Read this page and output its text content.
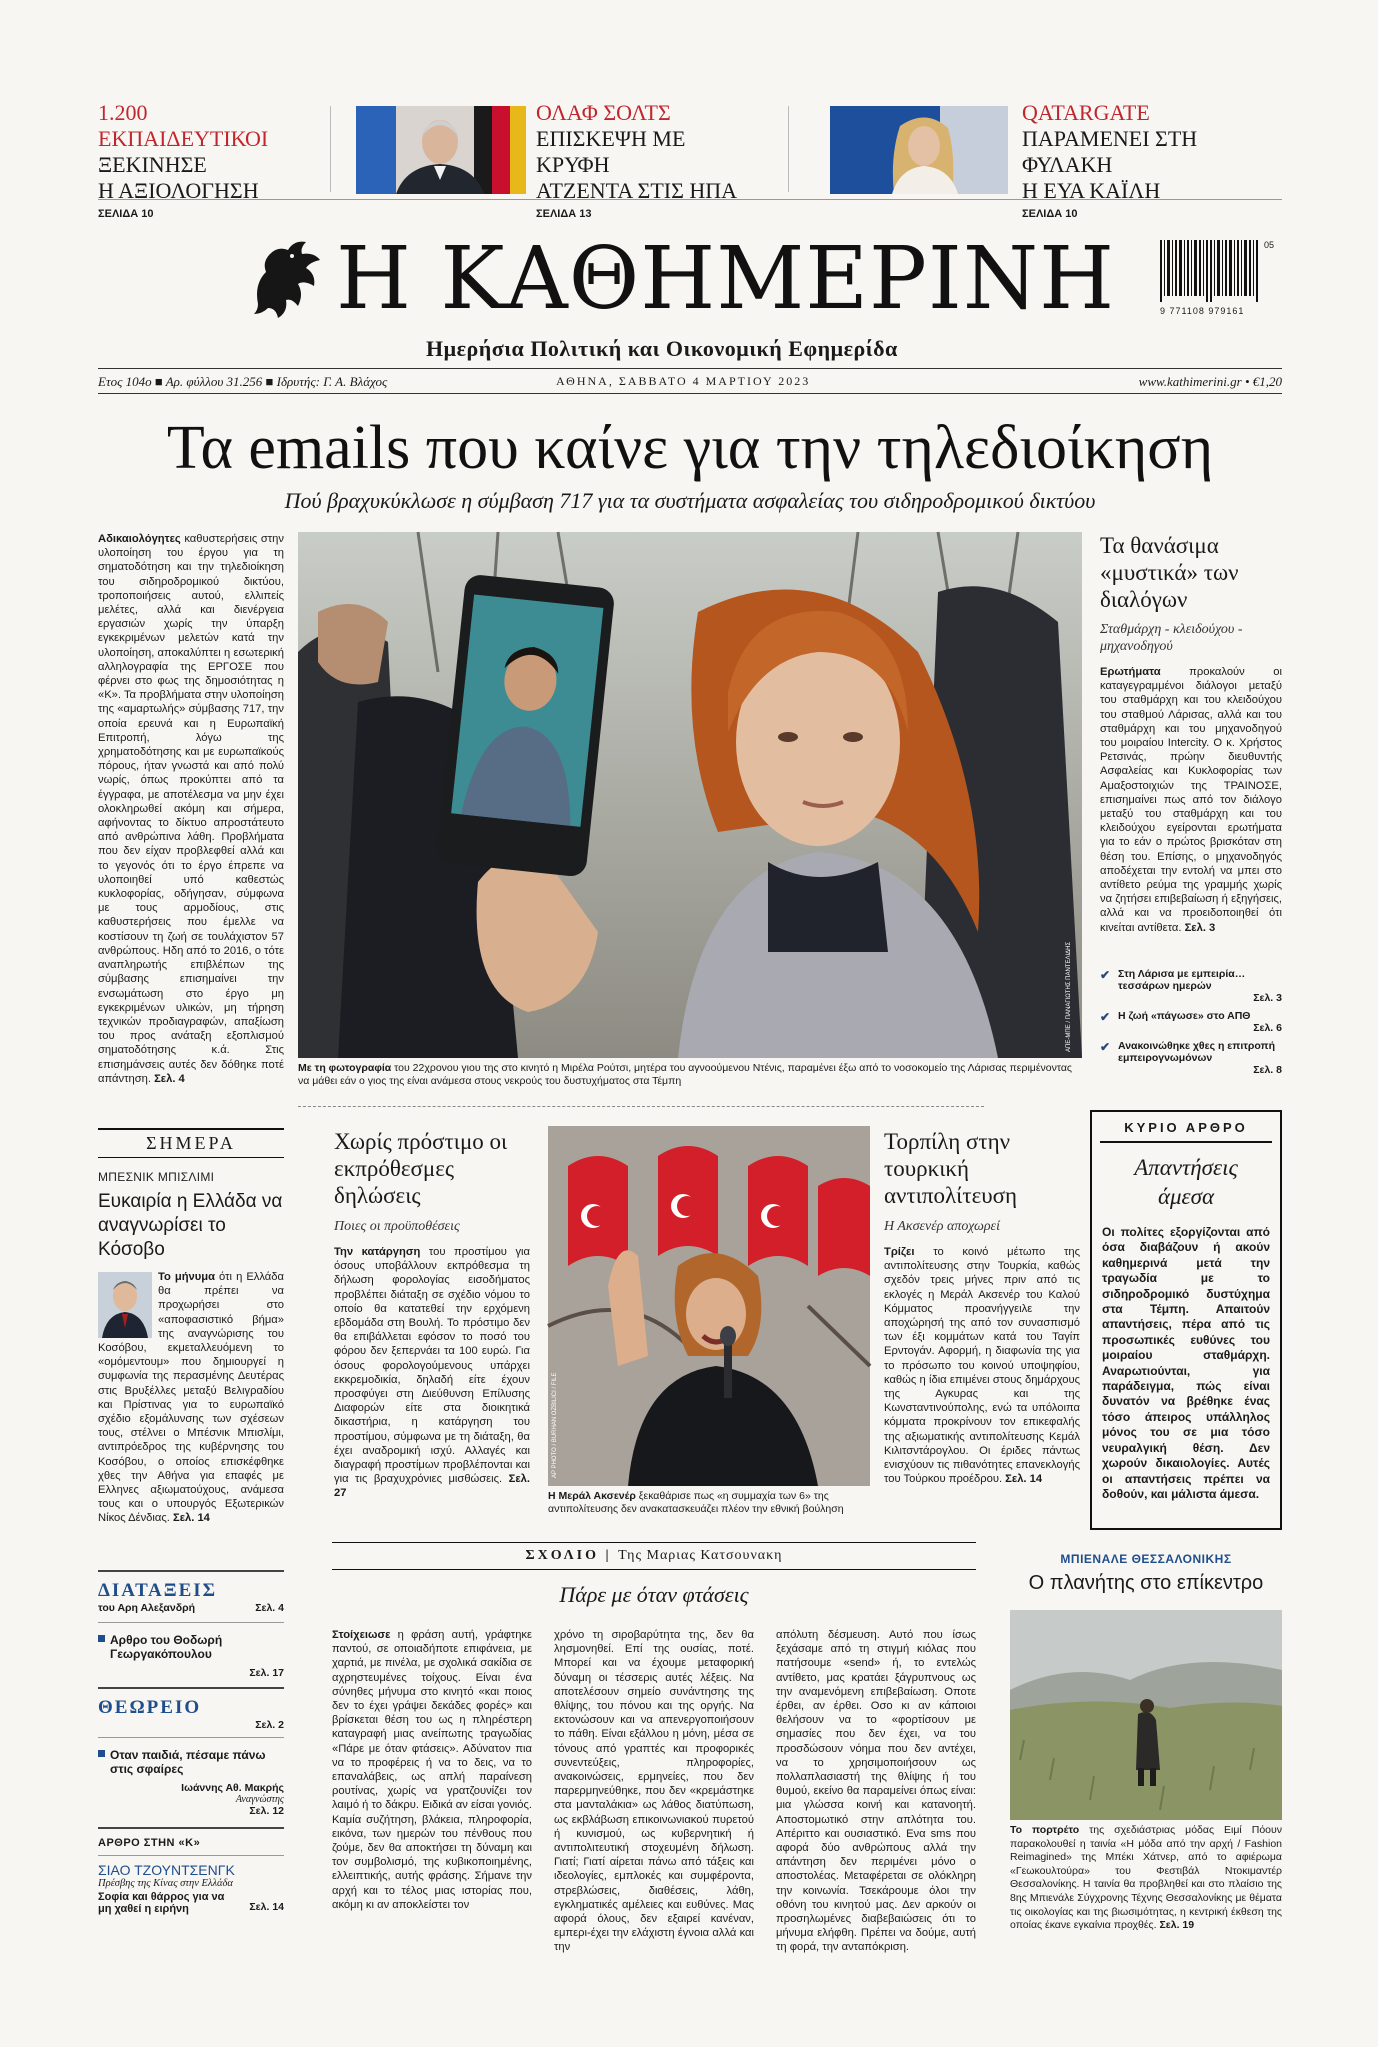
1.200 ΕΚΠΑΙΔΕΥΤΙΚΟΙ
ΞΕΚΙΝΗΣΕ
Η ΑΞΙΟΛΟΓΗΣΗ
ΣΕΛΙΔΑ 10
ΟΛΑΦ ΣΟΛΤΣ
ΕΠΙΣΚΕΨΗ ΜΕ ΚΡΥΦΗ
ΑΤΖΕΝΤΑ ΣΤΙΣ ΗΠΑ
ΣΕΛΙΔΑ 13
QATARGATE
ΠΑΡΑΜΕΝΕΙ ΣΤΗ ΦΥΛΑΚΗ
Η ΕΥΑ ΚΑΪΛΗ
ΣΕΛΙΔΑ 10
Η ΚΑΘΗΜΕΡΙΝΗ
Ημερήσια Πολιτική και Οικονομική Εφημερίδα
05
9 771108 979161
Ετος 104ο ■ Αρ. φύλλου 31.256 ■ Ιδρυτής: Γ. Α. Βλάχος	ΑΘΗΝΑ, ΣΑΒΒΑΤΟ 4 ΜΑΡΤΙΟΥ 2023	www.kathimerini.gr • €1,20
Τα emails που καίνε για την τηλεδιοίκηση
Πού βραχυκύκλωσε η σύμβαση 717 για τα συστήματα ασφαλείας του σιδηροδρομικού δικτύου
Αδικαιολόγητες καθυστερήσεις στην υλοποίηση του έργου για τη σηματοδότηση και την τηλεδιοίκηση του σιδηροδρομικού δικτύου, τροποποιήσεις αυτού, ελλιπείς μελέτες, αλλά και διενέργεια εργασιών χωρίς την ύπαρξη εγκεκριμένων μελετών κατά την υλοποίηση, αποκαλύπτει η εσωτερική αλληλογραφία της ΕΡΓΟΣΕ που φέρνει στο φως της δημοσιότητας η «Κ». Τα προβλήματα στην υλοποίηση της «αμαρτωλής» σύμβασης 717, την οποία ερευνά και η Ευρωπαϊκή Επιτροπή, λόγω της χρηματοδότησης και με ευρωπαϊκούς πόρους, ήταν γνωστά και από πολύ νωρίς, όπως προκύπτει από τα έγγραφα, με αποτέλεσμα να μην έχει ολοκληρωθεί ακόμη και σήμερα, αφήνοντας το δίκτυο απροστάτευτο από ανθρώπινα λάθη. Προβλήματα που δεν είχαν προβλεφθεί αλλά και το γεγονός ότι το έργο έπρεπε να υλοποιηθεί υπό καθεστώς κυκλοφορίας, οδήγησαν, σύμφωνα με τους αρμοδίους, στις καθυστερήσεις που έμελλε να κοστίσουν τη ζωή σε τουλάχιστον 57 ανθρώπους. Ηδη από το 2016, ο τότε αναπληρωτής επιβλέπων της σύμβασης επισημαίνει την ενσωμάτωση στο έργο μη εγκεκριμένων υλικών, μη τήρηση τεχνικών προδιαγραφών, απαξίωση του προς ανάταξη εξοπλισμού σηματοδότησης κ.ά. Στις επισημάνσεις αυτές δεν δόθηκε ποτέ απάντηση. Σελ. 4
ΑΠΕ-ΜΠΕ / ΠΑΝΑΓΙΩΤΗΣ ΠΑΝΤΕΛΙΔΗΣ
Με τη φωτογραφία του 22χρονου γιου της στο κινητό η Μιρέλα Ρούτσι, μητέρα του αγνοούμενου Ντένις, παραμένει έξω από το νοσοκομείο της Λάρισας περιμένοντας να μάθει εάν ο γιος της είναι ανάμεσα στους νεκρούς του δυστυχήματος στα Τέμπη
Τα θανάσιμα «μυστικά» των διαλόγων
Σταθμάρχη - κλειδούχου - μηχανοδηγού
Ερωτήματα προκαλούν οι καταγεγραμμένοι διάλογοι μεταξύ του σταθμάρχη και του κλειδούχου του σταθμού Λάρισας, αλλά και του σταθμάρχη και του μηχανοδηγού του μοιραίου Intercity. Ο κ. Χρήστος Ρετσινάς, πρώην διευθυντής Ασφαλείας και Κυκλοφορίας των Αμαξοστοιχιών της ΤΡΑΙΝΟΣΕ, επισημαίνει πως από τον διάλογο μεταξύ του σταθμάρχη και του κλειδούχου εγείρονται ερωτήματα για το εάν ο πρώτος βρισκόταν στη θέση του. Επίσης, ο μηχανοδηγός αποδέχεται την εντολή να μπει στο αντίθετο ρεύμα της γραμμής χωρίς να ζητήσει επιβεβαίωση ή εξηγήσεις, αλλά και να προειδοποιηθεί ότι κινείται αντίθετα. Σελ. 3
✔ Στη Λάρισα με εμπειρία… τεσσάρων ημερών
Σελ. 3
✔ Η ζωή «πάγωσε» στο ΑΠΘ
Σελ. 6
✔ Ανακοινώθηκε χθες η επιτροπή εμπειρογνωμόνων
Σελ. 8
ΣΗΜΕΡΑ
ΜΠΕΣΝΙΚ ΜΠΙΣΛΙΜΙ
Ευκαιρία η Ελλάδα να αναγνωρίσει το Κόσοβο
Το μήνυμα ότι η Ελλάδα θα πρέπει να προχωρήσει στο «αποφασιστικό βήμα» της αναγνώρισης του Κοσόβου, εκμεταλλευόμενη το «ομόμεντουμ» που δημιουργεί η συμφωνία της περασμένης Δευτέρας στις Βρυξέλλες μεταξύ Βελιγραδίου και Πρίστινας για το ευρωπαϊκό σχέδιο εξομάλυνσης των σχέσεων τους, στέλνει ο Μπέσνικ Μπισλίμι, αντιπρόεδρος της κυβέρνησης του Κοσόβου, ο οποίος επισκέφθηκε χθες την Αθήνα για επαφές με Ελληνες αξιωματούχους, ανάμεσα τους και ο υπουργός Εξωτερικών Νίκος Δένδιας. Σελ. 14
ΔΙΑΤΑΞΕΙΣ
του Αρη Αλεξανδρή	Σελ. 4
Αρθρο του Θοδωρή Γεωργακόπουλου
Σελ. 17
ΘΕΩΡΕΙΟ
Σελ. 2
Οταν παιδιά, πέσαμε πάνω στις σφαίρες
Ιωάννης Αθ. Μακρής
Αναγνώστης
Σελ. 12
ΑΡΘΡΟ ΣΤΗΝ «Κ»
ΣΙΑΟ ΤΖΟΥΝΤΣΕΝΓΚ
Πρέσβης της Κίνας στην Ελλάδα
Σοφία και θάρρος για να μη χαθεί η ειρήνη	Σελ. 14
Χωρίς πρόστιμο οι εκπρόθεσμες δηλώσεις
Ποιες οι προϋποθέσεις
Την κατάργηση του προστίμου για όσους υποβάλλουν εκπρόθεσμα τη δήλωση φορολογίας εισοδήματος προβλέπει διάταξη σε σχέδιο νόμου το οποίο θα κατατεθεί την ερχόμενη εβδομάδα στη Βουλή. Το πρόστιμο δεν θα επιβάλλεται εφόσον το ποσό του φόρου δεν ξεπερνάει τα 100 ευρώ. Για όσους φορολογούμενους υπάρχει εκκρεμοδικία, δηλαδή είτε έχουν προσφύγει στη Διεύθυνση Επίλυσης Διαφορών είτε στα διοικητικά δικαστήρια, η κατάργηση του προστίμου, σύμφωνα με τη διάταξη, θα έχει αναδρομική ισχύ. Αλλαγές και διαγραφή προστίμων προβλέπονται και για τις βραχυχρόνιες μισθώσεις. Σελ. 27
AP PHOTO / BURHAN OZBILICI / FILE
Η Μεράλ Ακσενέρ ξεκαθάρισε πως «η συμμαχία των 6» της αντιπολίτευσης δεν ανακατασκευάζει πλέον την εθνική βούληση
Τορπίλη στην τουρκική αντιπολίτευση
Η Ακσενέρ αποχωρεί
Τρίζει το κοινό μέτωπο της αντιπολίτευσης στην Τουρκία, καθώς σχεδόν τρεις μήνες πριν από τις εκλογές η Μεράλ Ακσενέρ του Καλού Κόμματος προανήγγειλε την αποχώρησή της από τον συνασπισμό των έξι κομμάτων κατά του Ταγίπ Ερντογάν. Αφορμή, η διαφωνία της για το πρόσωπο του κοινού υποψηφίου, καθώς η ίδια επιμένει στους δημάρχους της Αγκυρας και της Κωνσταντινούπολης, ενώ τα υπόλοιπα κόμματα προκρίνουν τον επικεφαλής της αξιωματικής αντιπολίτευσης Κεμάλ Κιλιτσντάρογλου. Οι έριδες πάντως ενισχύουν τις πιθανότητες επανεκλογής του Τούρκου προέδρου. Σελ. 14
ΚΥΡΙΟ ΑΡΘΡΟ
Απαντήσεις άμεσα
Οι πολίτες εξοργίζονται από όσα διαβάζουν ή ακούν καθημερινά μετά την τραγωδία με το σιδηροδρομικό δυστύχημα στα Τέμπη. Απαιτούν απαντήσεις, πέρα από τις προσωπικές ευθύνες του μοιραίου σταθμάρχη. Αναρωτιούνται, για παράδειγμα, πώς είναι δυνατόν να βρέθηκε ένας τόσο άπειρος υπάλληλος μόνος του σε μια τόσο νευραλγική θέση. Δεν χωρούν δικαιολογίες. Αυτές οι απαντήσεις πρέπει να δοθούν, και μάλιστα άμεσα.
ΣΧΟΛΙΟ | Της Μαριας Κατσουνακη
Πάρε με όταν φτάσεις
Στοίχειωσε η φράση αυτή, γράφτηκε παντού, σε οποιαδήποτε επιφάνεια, με χαρτιά, με πινέλα, με σχολικά σακίδια σε αχρηστευμένες τοίχους. Είναι ένα σύνηθες μήνυμα στο κινητό «και ποιος δεν το έχει γράψει δεκάδες φορές» και βρίσκεται θέση του ως η πληρέστερη καταγραφή μιας ανείπωτης τραγωδίας «Πάρε με όταν φτάσεις». Αδύνατον πια να το προφέρεις ή να το δεις, να το επαναλάβεις, ως απλή παραίνεση ρουτίνας, χωρίς να γρατζουνίζει τον λαιμό ή το δάκρυ. Ειδικά αν είσαι γονιός. Καμία συζήτηση, βλάκεια, πληροφορία, εικόνα, των ημερών του πένθους που ζούμε, δεν θα αποκτήσει τη δύναμη και τον συμβολισμό, της κυβικοποιημένης, ελλειπτικής, αυτής φράσης. Σήμανε την αρχή και το τέλος μιας ιστορίας που, ακόμη κι αν αποκλείστει τον
χρόνο τη σιροβαρύτητα της, δεν θα λησμονηθεί. Επί της ουσίας, ποτέ. Μπορεί και να έχουμε μεταφορική δύναμη οι τέσσερις αυτές λέξεις. Να αποτελέσουν σημείο συνάντησης της θλίψης, του πόνου και της οργής. Να εκτονώσουν και να απενεργοποιήσουν το πάθη. Είναι εξάλλου η μόνη, μέσα σε τόνους από γραπτές και προφορικές συνεντεύξεις, πληροφορίες, ανακοινώσεις, ερμηνείες, που δεν παρερμηνεύθηκε, που δεν «κρεμάστηκε στα μανταλάκια» ως λάθος διατύπωση, ως εκβλάβωση επικοινωνιακού πυρετού ή κυνισμού, ως κυβερνητική ή αντιπολιτευτική στοχευμένη δήλωση. Γιατί; Γιατί αίρεται πάνω από τάξεις και ιδεολογίες, εμπλοκές και συμφέροντα, στρεβλώσεις, διαθέσεις, λάθη, εγκληματικές αμέλειες και ευθύνες. Μας αφορά όλους, δεν εξαιρεί κανέναν, εμπερι-έχει την ελάχιστη έγνοια αλλά και την
απόλυτη δέσμευση. Αυτό που ίσως ξεχάσαμε από τη στιγμή κιόλας που πατήσουμε «send» ή, το εντελώς αντίθετο, μας κρατάει ξάγρυπνους ως την αναμενόμενη επιβεβαίωση. Οποτε έρθει, αν έρθει. Οσο κι αν κάποιοι θελήσουν να το «φορτίσουν με σημασίες που δεν έχει, να του προσδώσουν νόημα που δεν αντέχει, να το χρησιμοποιήσουν ως πολλαπλασιαστή της θλίψης ή του θυμού, εκείνο θα παραμείνει όπως είναι: μια γλώσσα κοινή και κατανοητή. Αποστομωτικό στην απλότητα του. Απέριττο και ουσιαστικό. Ενα sms που αφορά δύο ανθρώπους αλλά την απάντηση δεν περιμένει μόνο ο αποστολέας. Μεταφέρεται σε ολόκληρη την κοινωνία. Τσεκάρουμε όλοι την οθόνη του κινητού μας. Δεν αρκούν οι προσηλωμένες διαβεβαιώσεις ότι το μήνυμα ελήφθη. Πρέπει να δούμε, αυτή τη φορά, την ανταπόκριση.
ΜΠΙΕΝΑΛΕ ΘΕΣΣΑΛΟΝΙΚΗΣ
Ο πλανήτης στο επίκεντρο
Το πορτρέτο της σχεδιάστριας μόδας Ειμί Πόουν παρακολουθεί η ταινία «Η μόδα από την αρχή / Fashion Reimagined» της Μπέκι Χάτνερ, από το αφιέρωμα «Γεωκουλτούρα» του Φεστιβάλ Ντοκιμαντέρ Θεσσαλονίκης. Η ταινία θα προβληθεί και στο πλαίσιο της 8ης Μπιενάλε Σύγχρονης Τέχνης Θεσσαλονίκης με θέματα τις οικολογίας και της βιωσιμότητας, η κεντρική έκθεση της οποίας έκανε εγκαίνια προχθές. Σελ. 19
